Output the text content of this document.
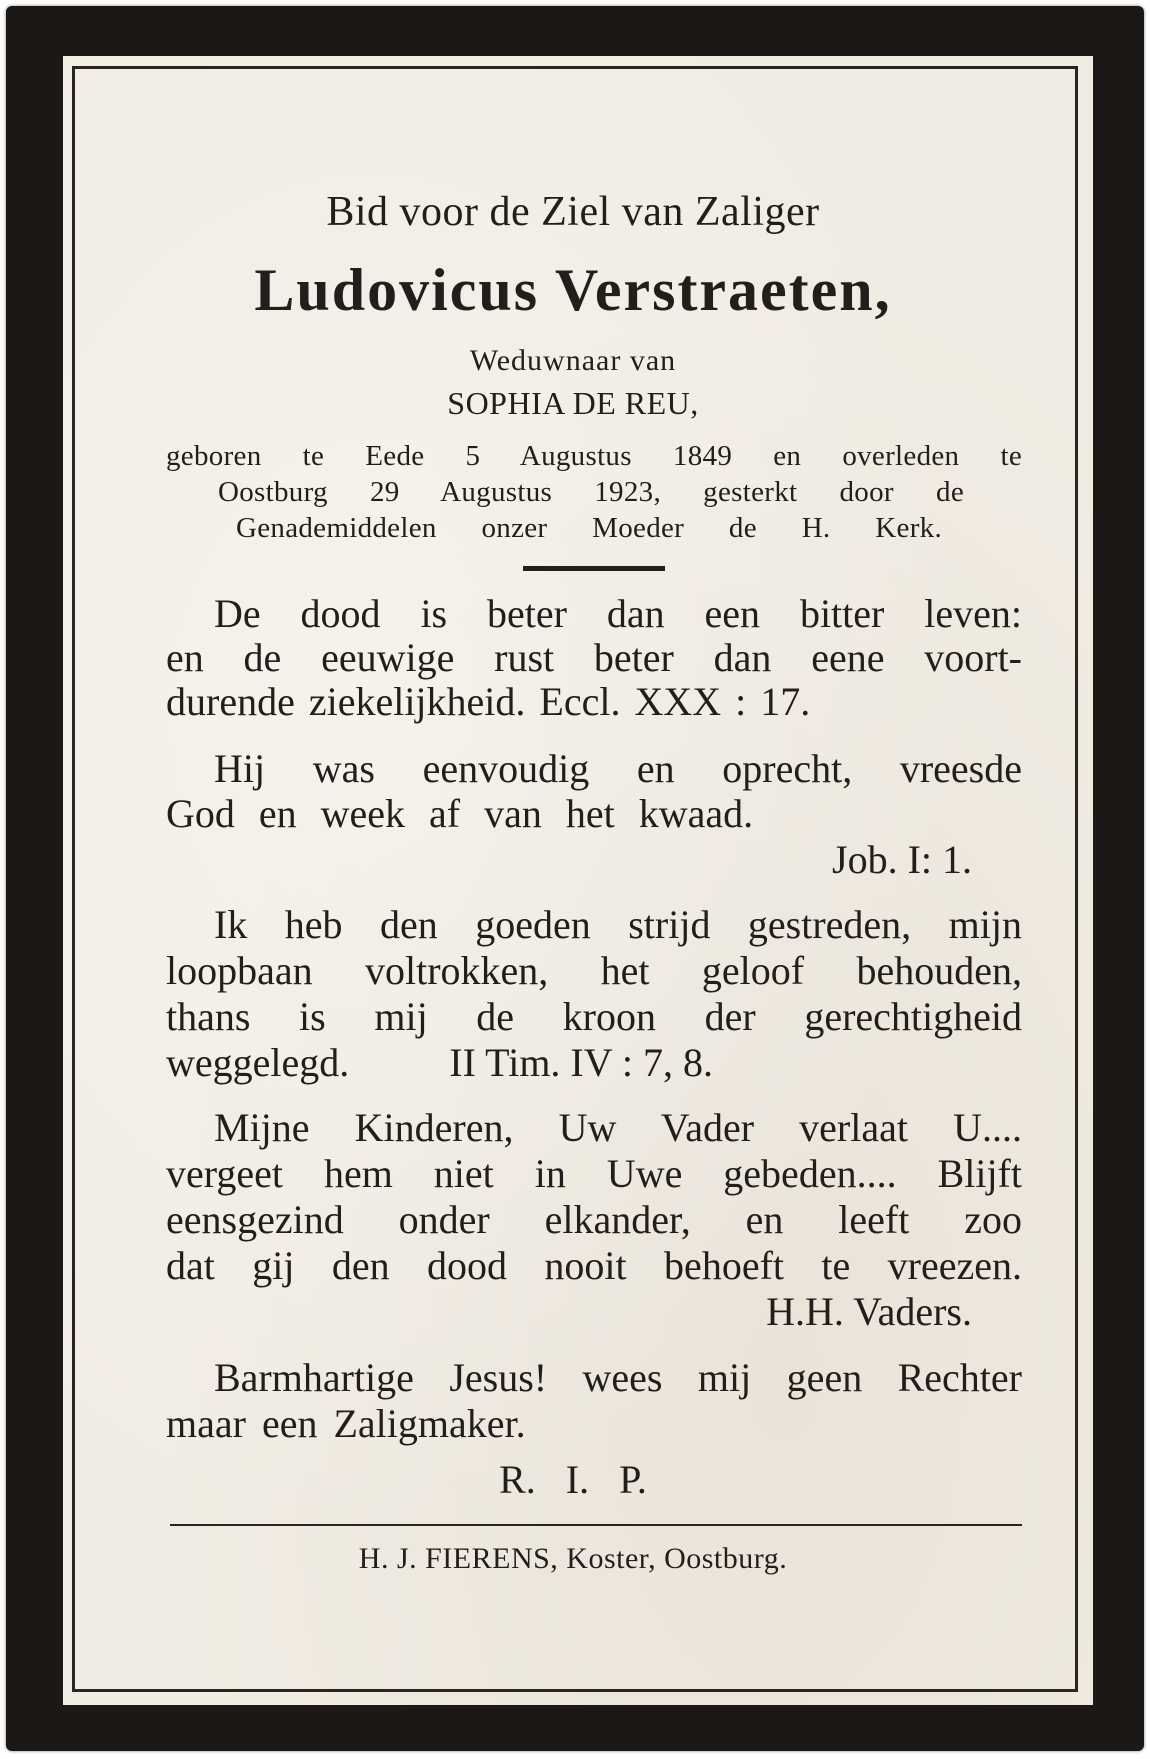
Bid voor de Ziel van Zaliger
Ludovicus Verstraeten,
Weduwnaar van
SOPHIA DE REU,
geboren te Eede 5 Augustus 1849 en overleden te
Oostburg 29 Augustus 1923, gesterkt door de
Genademiddelen onzer Moeder de H. Kerk.
De dood is beter dan een bitter leven:
en de eeuwige rust beter dan eene voort-
durende ziekelijkheid. Eccl. XXX : 17.
Hij was eenvoudig en oprecht, vreesde
God en week af van het kwaad.
Job. I: 1.
Ik heb den goeden strijd gestreden, mijn
loopbaan voltrokken, het geloof behouden,
thans is mij de kroon der gerechtigheid
weggelegd.          II Tim. IV : 7, 8.
Mijne Kinderen, Uw Vader verlaat U....
vergeet hem niet in Uwe gebeden.... Blijft
eensgezind onder elkander, en leeft zoo
dat gij den dood nooit behoeft te vreezen.
H.H. Vaders.
Barmhartige Jesus! wees mij geen Rechter
maar een Zaligmaker.
R.   I.   P.
H. J. FIERENS, Koster, Oostburg.
